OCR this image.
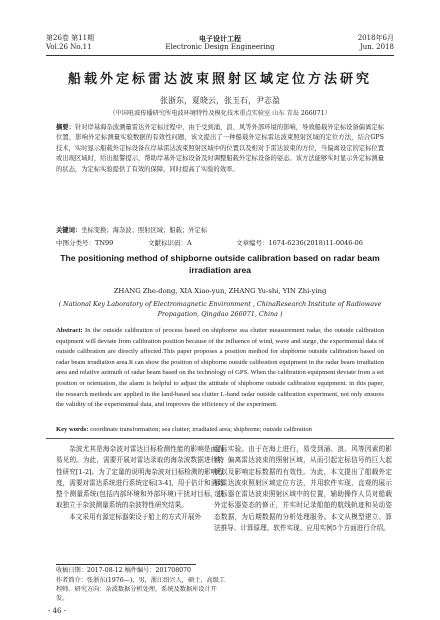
第26卷 第11期
Vol.26 No.11
电子设计工程
Electronic Design Engineering
2018年6月
Jun. 2018
船载外定标雷达波束照射区域定位方法研究
张浙东，夏晓云，张玉石，尹志盈
（中国电波传播研究所电波环境特性及模化技术重点实验室 山东 青岛 266071）
摘要：针对岸基海杂波测量雷达外定标过程中，由于受到涌、浪、风等外部环境的影响，导致船载外定标设备偏离定标位置，影响外定标测量实验数据的有效性问题，该文提出了一种船载外定标雷达波束照射区域的定位方法，结合GPS技术，实时显示船载外定标设备在岸基雷达波束照射区域中的位置以及相对于雷达波束的方位，当偏离设定的定标位置或出现区域时，给出报警提示，帮助岸基外定标设备及时调整船载外定标设备的姿态。该方法能够实时显示外定标测量的状态，为定标实验提供了有效的保障，同时提高了实验的效率。
关键词：坐标变换；海杂波；照射区域；船载；外定标
中图分类号：TN99	文献标识码：A	文章编号：1674-6236(2018)11-0046-06
The positioning method of shipborne outside calibration based on radar beam irradiation area
ZHANG Zhe-dong, XIA Xiao-yun, ZHANG Yu-shi, YIN Zhi-ying
( National Key Laboratory of Electromagnetic Environment , ChinaResearch Institute of Radiowave Propagation, Qingdao 266071, China )
Abstract: In the outside calibration of process based on shipborne sea clutter measurement radar, the outside calibration equipment will deviate from calibration position because of the influence of wind, wave and surge, the experimental data of outside calibration are directly affected.This paper proposes a position method for shipborne outside calibration based on radar beam irradiation area.It can show the position of shipborne outside calibration equipment in the radar beam irradiation area and relative azimuth of radar beam based on the technology of GPS. When the calibration equipment deviate from a set position or orientation, the alarm is helpful to adjust the attitude of shipborne outside calibration equipment. in this paper, the research methods are applied in the land-based sea clutter L-band radar outside calibration experiment, not only ensures the validity of the experimental data, and improves the efficiency of the experiment.
Key words: coordinate transformation; sea clutter; irradiated area; shipborne; outside calibration

杂波尤其是海杂波对雷达目标检测性能的影响是面而易见的。为此，需要开展对雷达录取的海杂波数据进行特性研究[1-2]。为了定量的说明海杂波对目标检测的影响程度，需要对雷达系统进行系统定标[3-4]，用于估计和消除整个测量系统(包括内部环境和外部环境)干扰对目标，获取独立于杂波测量系统的杂波特性研究结果。

本文采用有源定标器架设于船上的方式开展外

定标实验。由于在海上进行，易受到涌、浪、风等因素的影响，偏离雷达波束的照射区域，从而引起定标信号的巨大起伏以及影响定标数据的有效性。为此，本文提出了船载外定标雷达波束照射区域定位方法，并用软件实现，直观的展示定标器在雷达波束照射区域中的位置，辅助操作人员对船载外定标器姿态的修正，并实时记录船舶的航线轨迹和吴动姿态数据，为后期数据的分析处理服务。本文从模型建立、算法推导、计算原理、软件实现、应用实例5个方面进行介绍。

收稿日期：2017-08-12 稿件编号：201708070
作者简介：张浙东(1976—)，男，浙江绍兴人，硕士，高级工程师。研究方向：杂波数据分析处理，系统及数据库设计开发。
- 46 -
